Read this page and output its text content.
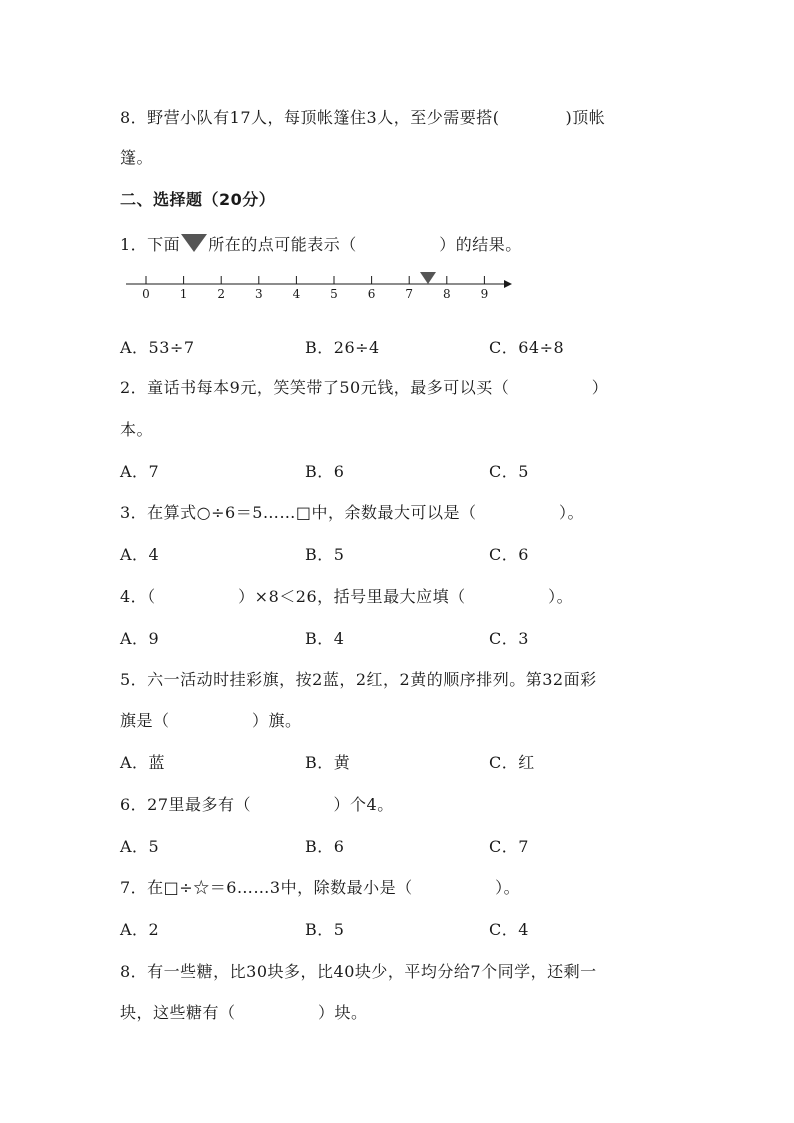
8．野营小队有17人，每顶帐篷住3人，至少需要搭(　　　　)顶帐
篷。
二、选择题（20分）
1．下面 所在的点可能表示（　　　　　）的结果。
0 1 2 3 4 5 6 7 8 9
A．53÷7	B．26÷4	C．64÷8
2．童话书每本9元，笑笑带了50元钱，最多可以买（　　　　　）
本。
A．7	B．6	C．5
3．在算式○÷6＝5……□中，余数最大可以是（　　　　　）。
A．4	B．5	C．6
4．（　　　　　）×8＜26，括号里最大应填（　　　　　）。
A．9	B．4	C．3
5．六一活动时挂彩旗，按2蓝，2红，2黄的顺序排列。第32面彩
旗是（　　　　　）旗。
A．蓝	B．黄	C．红
6．27里最多有（　　　　　）个4。
A．5	B．6	C．7
7．在□÷☆＝6……3中，除数最小是（　　　　　）。
A．2	B．5	C．4
8．有一些糖，比30块多，比40块少，平均分给7个同学，还剩一
块，这些糖有（　　　　　）块。
